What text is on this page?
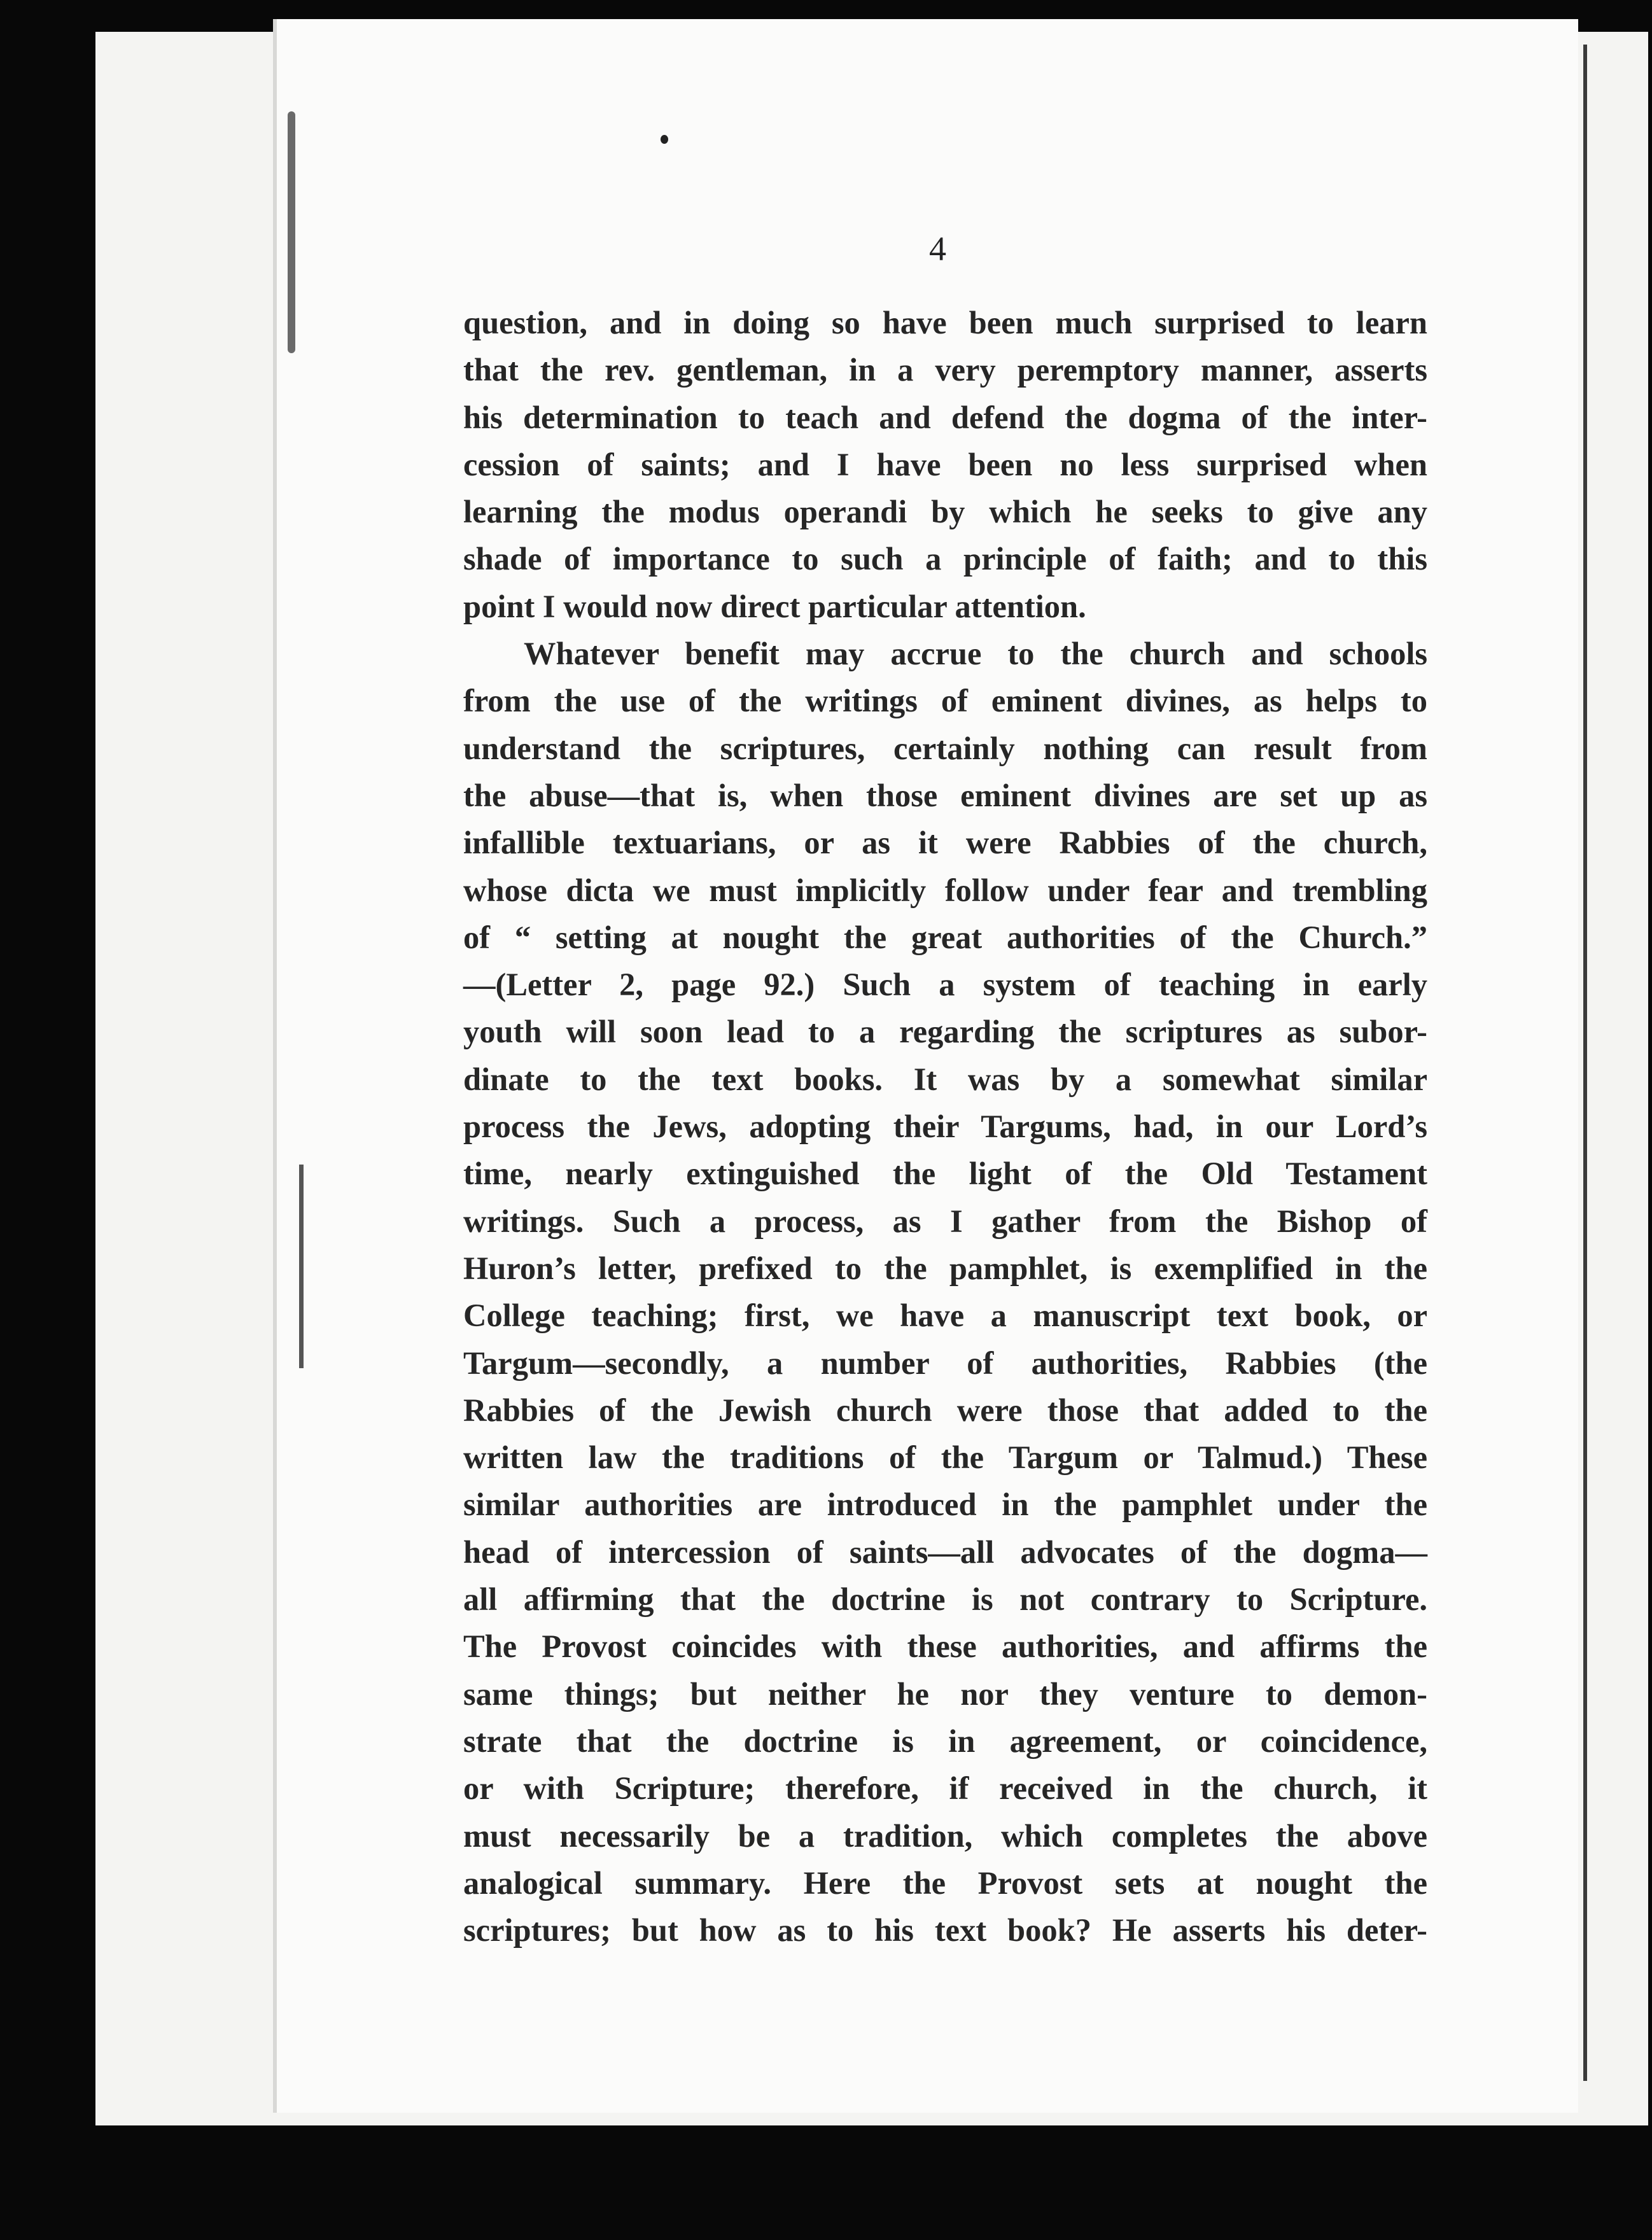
4
question, and in doing so have been much surprised to learn
that the rev. gentleman, in a very peremptory manner, asserts
his determination to teach and defend the dogma of the inter-
cession of saints; and I have been no less surprised when
learning the modus operandi by which he seeks to give any
shade of importance to such a principle of faith; and to this
point I would now direct particular attention.
Whatever benefit may accrue to the church and schools
from the use of the writings of eminent divines, as helps to
understand the scriptures, certainly nothing can result from
the abuse—that is, when those eminent divines are set up as
infallible textuarians, or as it were Rabbies of the church,
whose dicta we must implicitly follow under fear and trembling
of “ setting at nought the great authorities of the Church.”
—(Letter 2, page 92.) Such a system of teaching in early
youth will soon lead to a regarding the scriptures as subor-
dinate to the text books. It was by a somewhat similar
process the Jews, adopting their Targums, had, in our Lord’s
time, nearly extinguished the light of the Old Testament
writings. Such a process, as I gather from the Bishop of
Huron’s letter, prefixed to the pamphlet, is exemplified in the
College teaching; first, we have a manuscript text book, or
Targum—secondly, a number of authorities, Rabbies (the
Rabbies of the Jewish church were those that added to the
written law the traditions of the Targum or Talmud.) These
similar authorities are introduced in the pamphlet under the
head of intercession of saints—all advocates of the dogma—
all affirming that the doctrine is not contrary to Scripture.
The Provost coincides with these authorities, and affirms the
same things; but neither he nor they venture to demon-
strate that the doctrine is in agreement, or coincidence,
or with Scripture; therefore, if received in the church, it
must necessarily be a tradition, which completes the above
analogical summary. Here the Provost sets at nought the
scriptures; but how as to his text book? He asserts his deter-
